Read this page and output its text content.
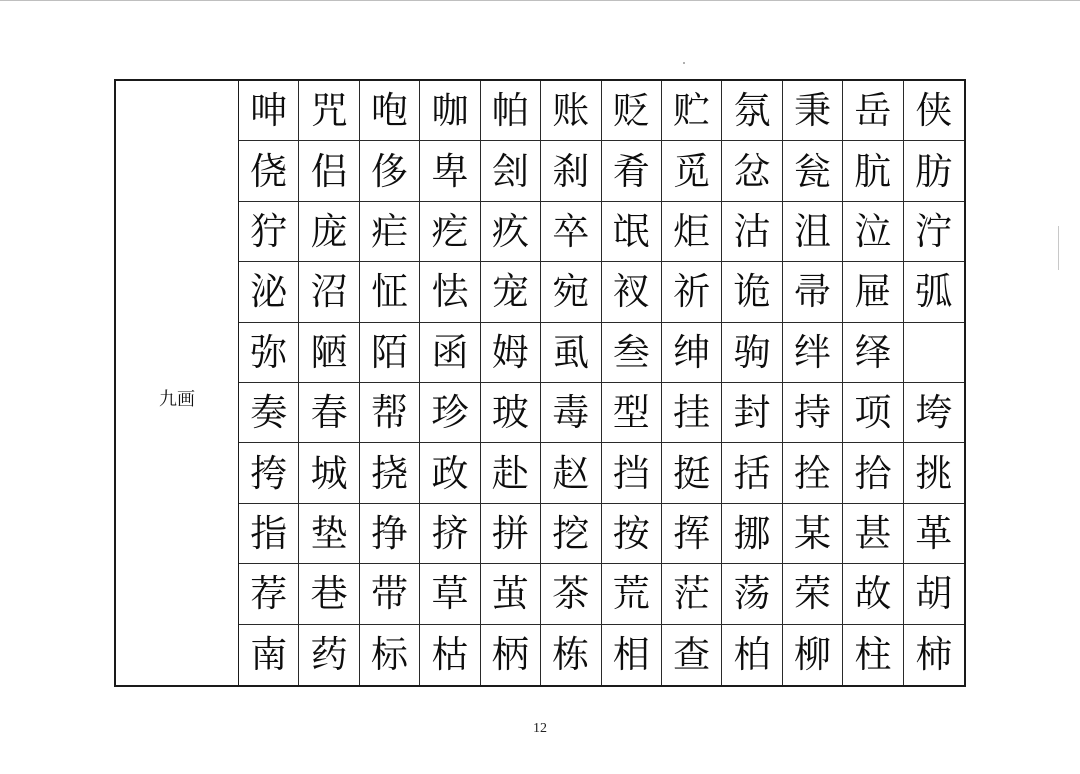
九画
呻 咒 咆 咖 帕 账 贬 贮 氛 秉 岳 侠
侥 侣 侈 卑 刽 刹 肴 觅 忿 瓮 肮 肪
狞 庞 疟 疙 疚 卒 氓 炬 沽 沮 泣 泞
泌 沼 怔 怯 宠 宛 衩 祈 诡 帚 屉 弧
弥 陋 陌 函 姆 虱 叁 绅 驹 绊 绎
奏 春 帮 珍 玻 毒 型 挂 封 持 项 垮
挎 城 挠 政 赴 赵 挡 挺 括 拴 拾 挑
指 垫 挣 挤 拼 挖 按 挥 挪 某 甚 革
荐 巷 带 草 茧 茶 荒 茫 荡 荣 故 胡
南 药 标 枯 柄 栋 相 查 柏 柳 柱 柿
12
